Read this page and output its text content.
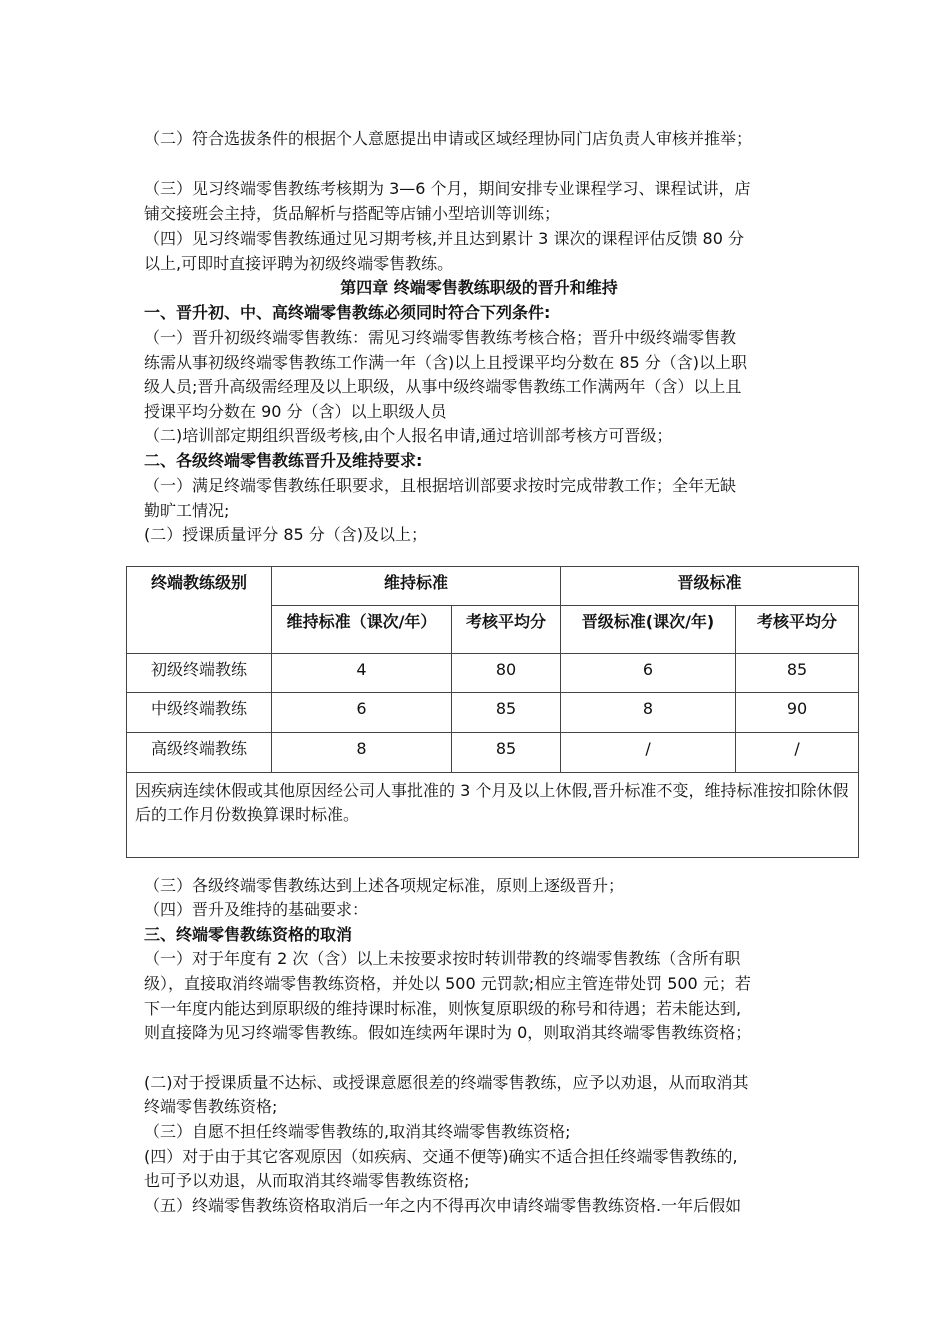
（二）符合选拔条件的根据个人意愿提出申请或区域经理协同门店负责人审核并推举；
（三）见习终端零售教练考核期为 3—6 个月，期间安排专业课程学习、课程试讲，店
铺交接班会主持，货品解析与搭配等店铺小型培训等训练；
（四）见习终端零售教练通过见习期考核,并且达到累计 3 课次的课程评估反馈 80 分
以上,可即时直接评聘为初级终端零售教练。
第四章 终端零售教练职级的晋升和维持
一、晋升初、中、高终端零售教练必须同时符合下列条件:
（一）晋升初级终端零售教练：需见习终端零售教练考核合格；晋升中级终端零售教
练需从事初级终端零售教练工作满一年（含)以上且授课平均分数在 85 分（含)以上职
级人员;晋升高级需经理及以上职级，从事中级终端零售教练工作满两年（含）以上且
授课平均分数在 90 分（含）以上职级人员
（二)培训部定期组织晋级考核,由个人报名申请,通过培训部考核方可晋级；
二、各级终端零售教练晋升及维持要求:
（一）满足终端零售教练任职要求，且根据培训部要求按时完成带教工作；全年无缺
勤旷工情况;
(二）授课质量评分 85 分（含)及以上；
终端教练级别	维持标准		晋级标准	

	维持标准（课次/年）	考核平均分	晋级标准(课次/年)	考核平均分

初级终端教练	4	80	6	85

中级终端教练	6	85	8	90

高级终端教练	8	85	/	/

因疾病连续休假或其他原因经公司人事批准的 3 个月及以上休假,晋升标准不变，维持标准按扣除休假后的工作月份数换算课时标准。				
（三）各级终端零售教练达到上述各项规定标准，原则上逐级晋升；
（四）晋升及维持的基础要求：
三、终端零售教练资格的取消
（一）对于年度有 2 次（含）以上未按要求按时转训带教的终端零售教练（含所有职
级），直接取消终端零售教练资格，并处以 500 元罚款;相应主管连带处罚 500 元；若
下一年度内能达到原职级的维持课时标准，则恢复原职级的称号和待遇；若未能达到,
则直接降为见习终端零售教练。假如连续两年课时为 0，则取消其终端零售教练资格；
(二)对于授课质量不达标、或授课意愿很差的终端零售教练，应予以劝退，从而取消其
终端零售教练资格;
（三）自愿不担任终端零售教练的,取消其终端零售教练资格;
(四）对于由于其它客观原因（如疾病、交通不便等)确实不适合担任终端零售教练的,
也可予以劝退，从而取消其终端零售教练资格;
（五）终端零售教练资格取消后一年之内不得再次申请终端零售教练资格.一年后假如
